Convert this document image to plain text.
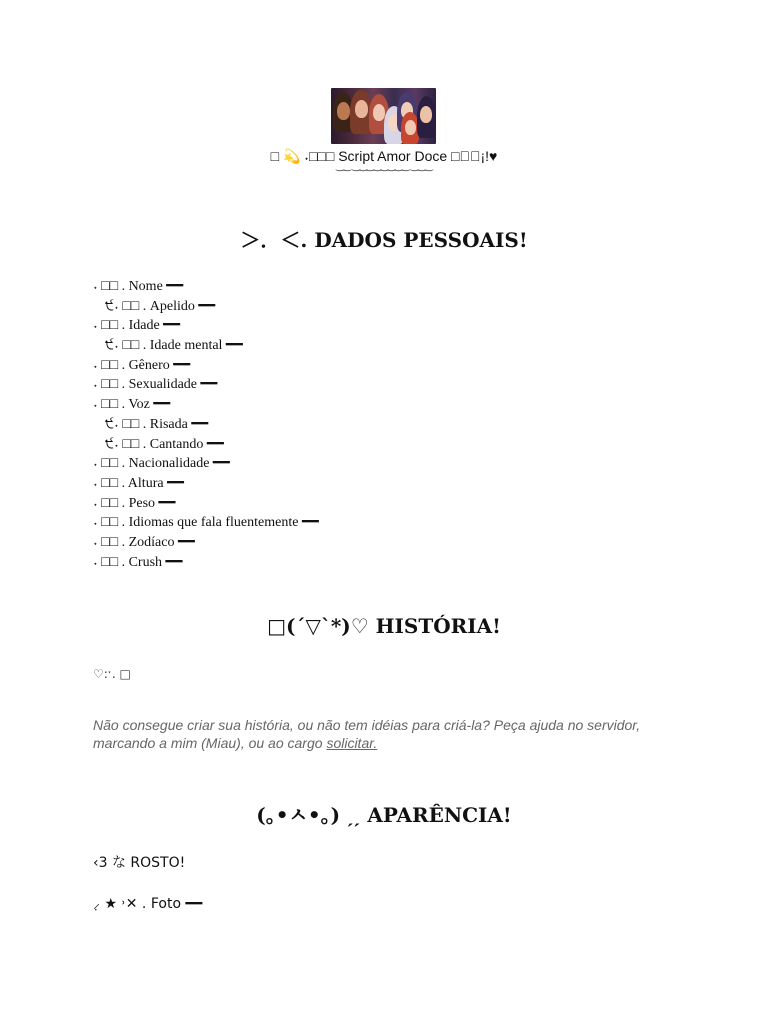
□ 💫 ˖□□□ Script Amor Doce □⋆⃝¡!♥
‿‿ ‿‿‿‿‿‿‿‿ ‿‿‿
＞．＜. DADOS PESSOAIS!
˖ □□ . Nome ━━
੯˖ □□ . Apelido ━━
˖ □□ . Idade ━━
੯˖ □□ . Idade mental ━━
˖ □□ . Gênero ━━
˖ □□ . Sexualidade ━━
˖ □□ . Voz ━━
੯˖ □□ . Risada ━━
੯˖ □□ . Cantando ━━
˖ □□ . Nacionalidade ━━
˖ □□ . Altura ━━
˖ □□ . Peso ━━
˖ □□ . Idiomas que fala fluentemente ━━
˖ □□ . Zodíaco ━━
˖ □□ . Crush ━━
□(´▽`*)♡ HISTÓRIA!
♡:ˑ. □
Não consegue criar sua história, ou não tem idéias para criá-la? Peça ajuda no servidor, marcando a mim (Miau), ou ao cargo solicitar.
(｡•ㅅ•｡) ˏˏ APARÊNCIA!
‹3 な ROSTO!
⸝̣ ★ ˒✕ . Foto ━━
